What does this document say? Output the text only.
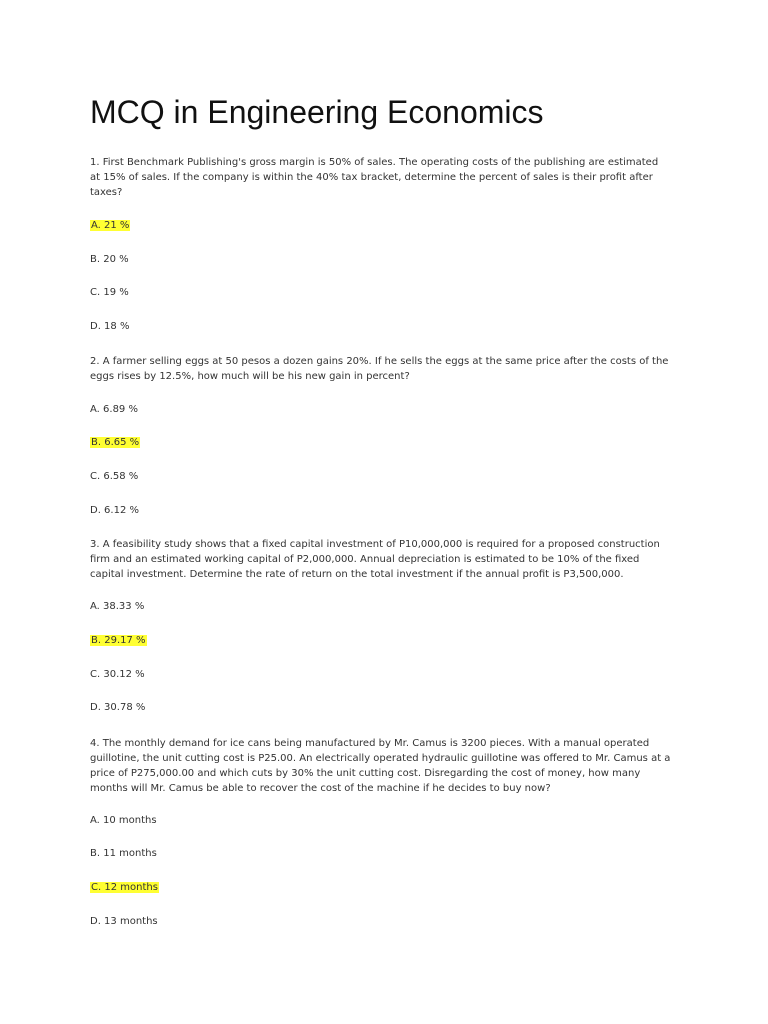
MCQ in Engineering Economics

1. First Benchmark Publishing's gross margin is 50% of sales. The operating costs of the publishing are estimated

at 15% of sales. If the company is within the 40% tax bracket, determine the percent of sales is their profit after

taxes?

A. 21 %

B. 20 %

C. 19 %

D. 18 %

2. A farmer selling eggs at 50 pesos a dozen gains 20%. If he sells the eggs at the same price after the costs of the

eggs rises by 12.5%, how much will be his new gain in percent?

A. 6.89 %

B. 6.65 %

C. 6.58 %

D. 6.12 %

3. A feasibility study shows that a fixed capital investment of P10,000,000 is required for a proposed construction

firm and an estimated working capital of P2,000,000. Annual depreciation is estimated to be 10% of the fixed

capital investment. Determine the rate of return on the total investment if the annual profit is P3,500,000.

A. 38.33 %

B. 29.17 %

C. 30.12 %

D. 30.78 %

4. The monthly demand for ice cans being manufactured by Mr. Camus is 3200 pieces. With a manual operated

guillotine, the unit cutting cost is P25.00. An electrically operated hydraulic guillotine was offered to Mr. Camus at a

price of P275,000.00 and which cuts by 30% the unit cutting cost. Disregarding the cost of money, how many

months will Mr. Camus be able to recover the cost of the machine if he decides to buy now?

A. 10 months

B. 11 months

C. 12 months

D. 13 months
